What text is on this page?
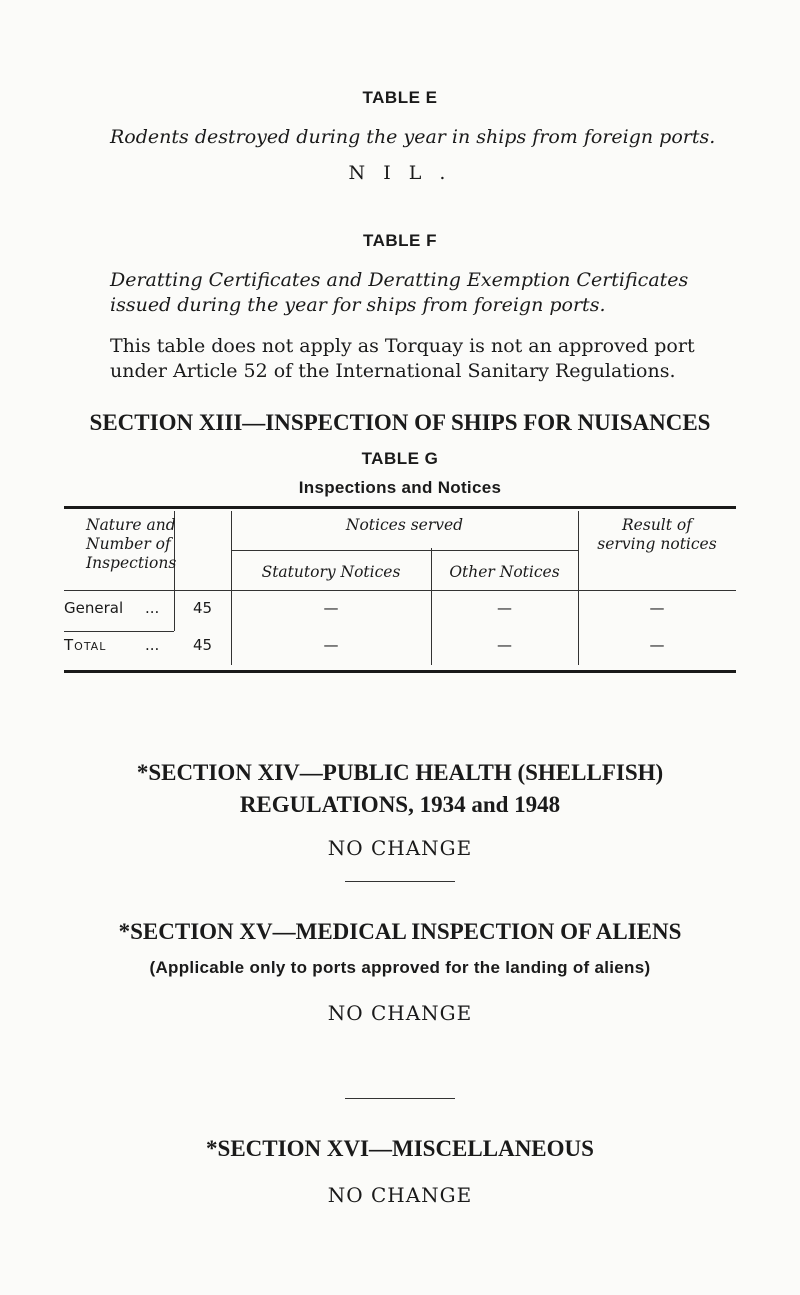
TABLE E
Rodents destroyed during the year in ships from foreign ports.
N I L .
TABLE F
Deratting Certificates and Deratting Exemption Certificates issued during the year for ships from foreign ports.
This table does not apply as Torquay is not an approved port under Article 52 of the International Sanitary Regulations.
SECTION XIII—INSPECTION OF SHIPS FOR NUISANCES
TABLE G
Inspections and Notices
Nature and
Number of
Inspections
Notices served
Statutory Notices	Other Notices
Result of
serving notices
General ...	45	—	—	—
Total	...	45	—	—	—
*SECTION XIV—PUBLIC HEALTH (SHELLFISH)
REGULATIONS, 1934 and 1948
NO CHANGE
*SECTION XV—MEDICAL INSPECTION OF ALIENS
(Applicable only to ports approved for the landing of aliens)
NO CHANGE
*SECTION XVI—MISCELLANEOUS
NO CHANGE
